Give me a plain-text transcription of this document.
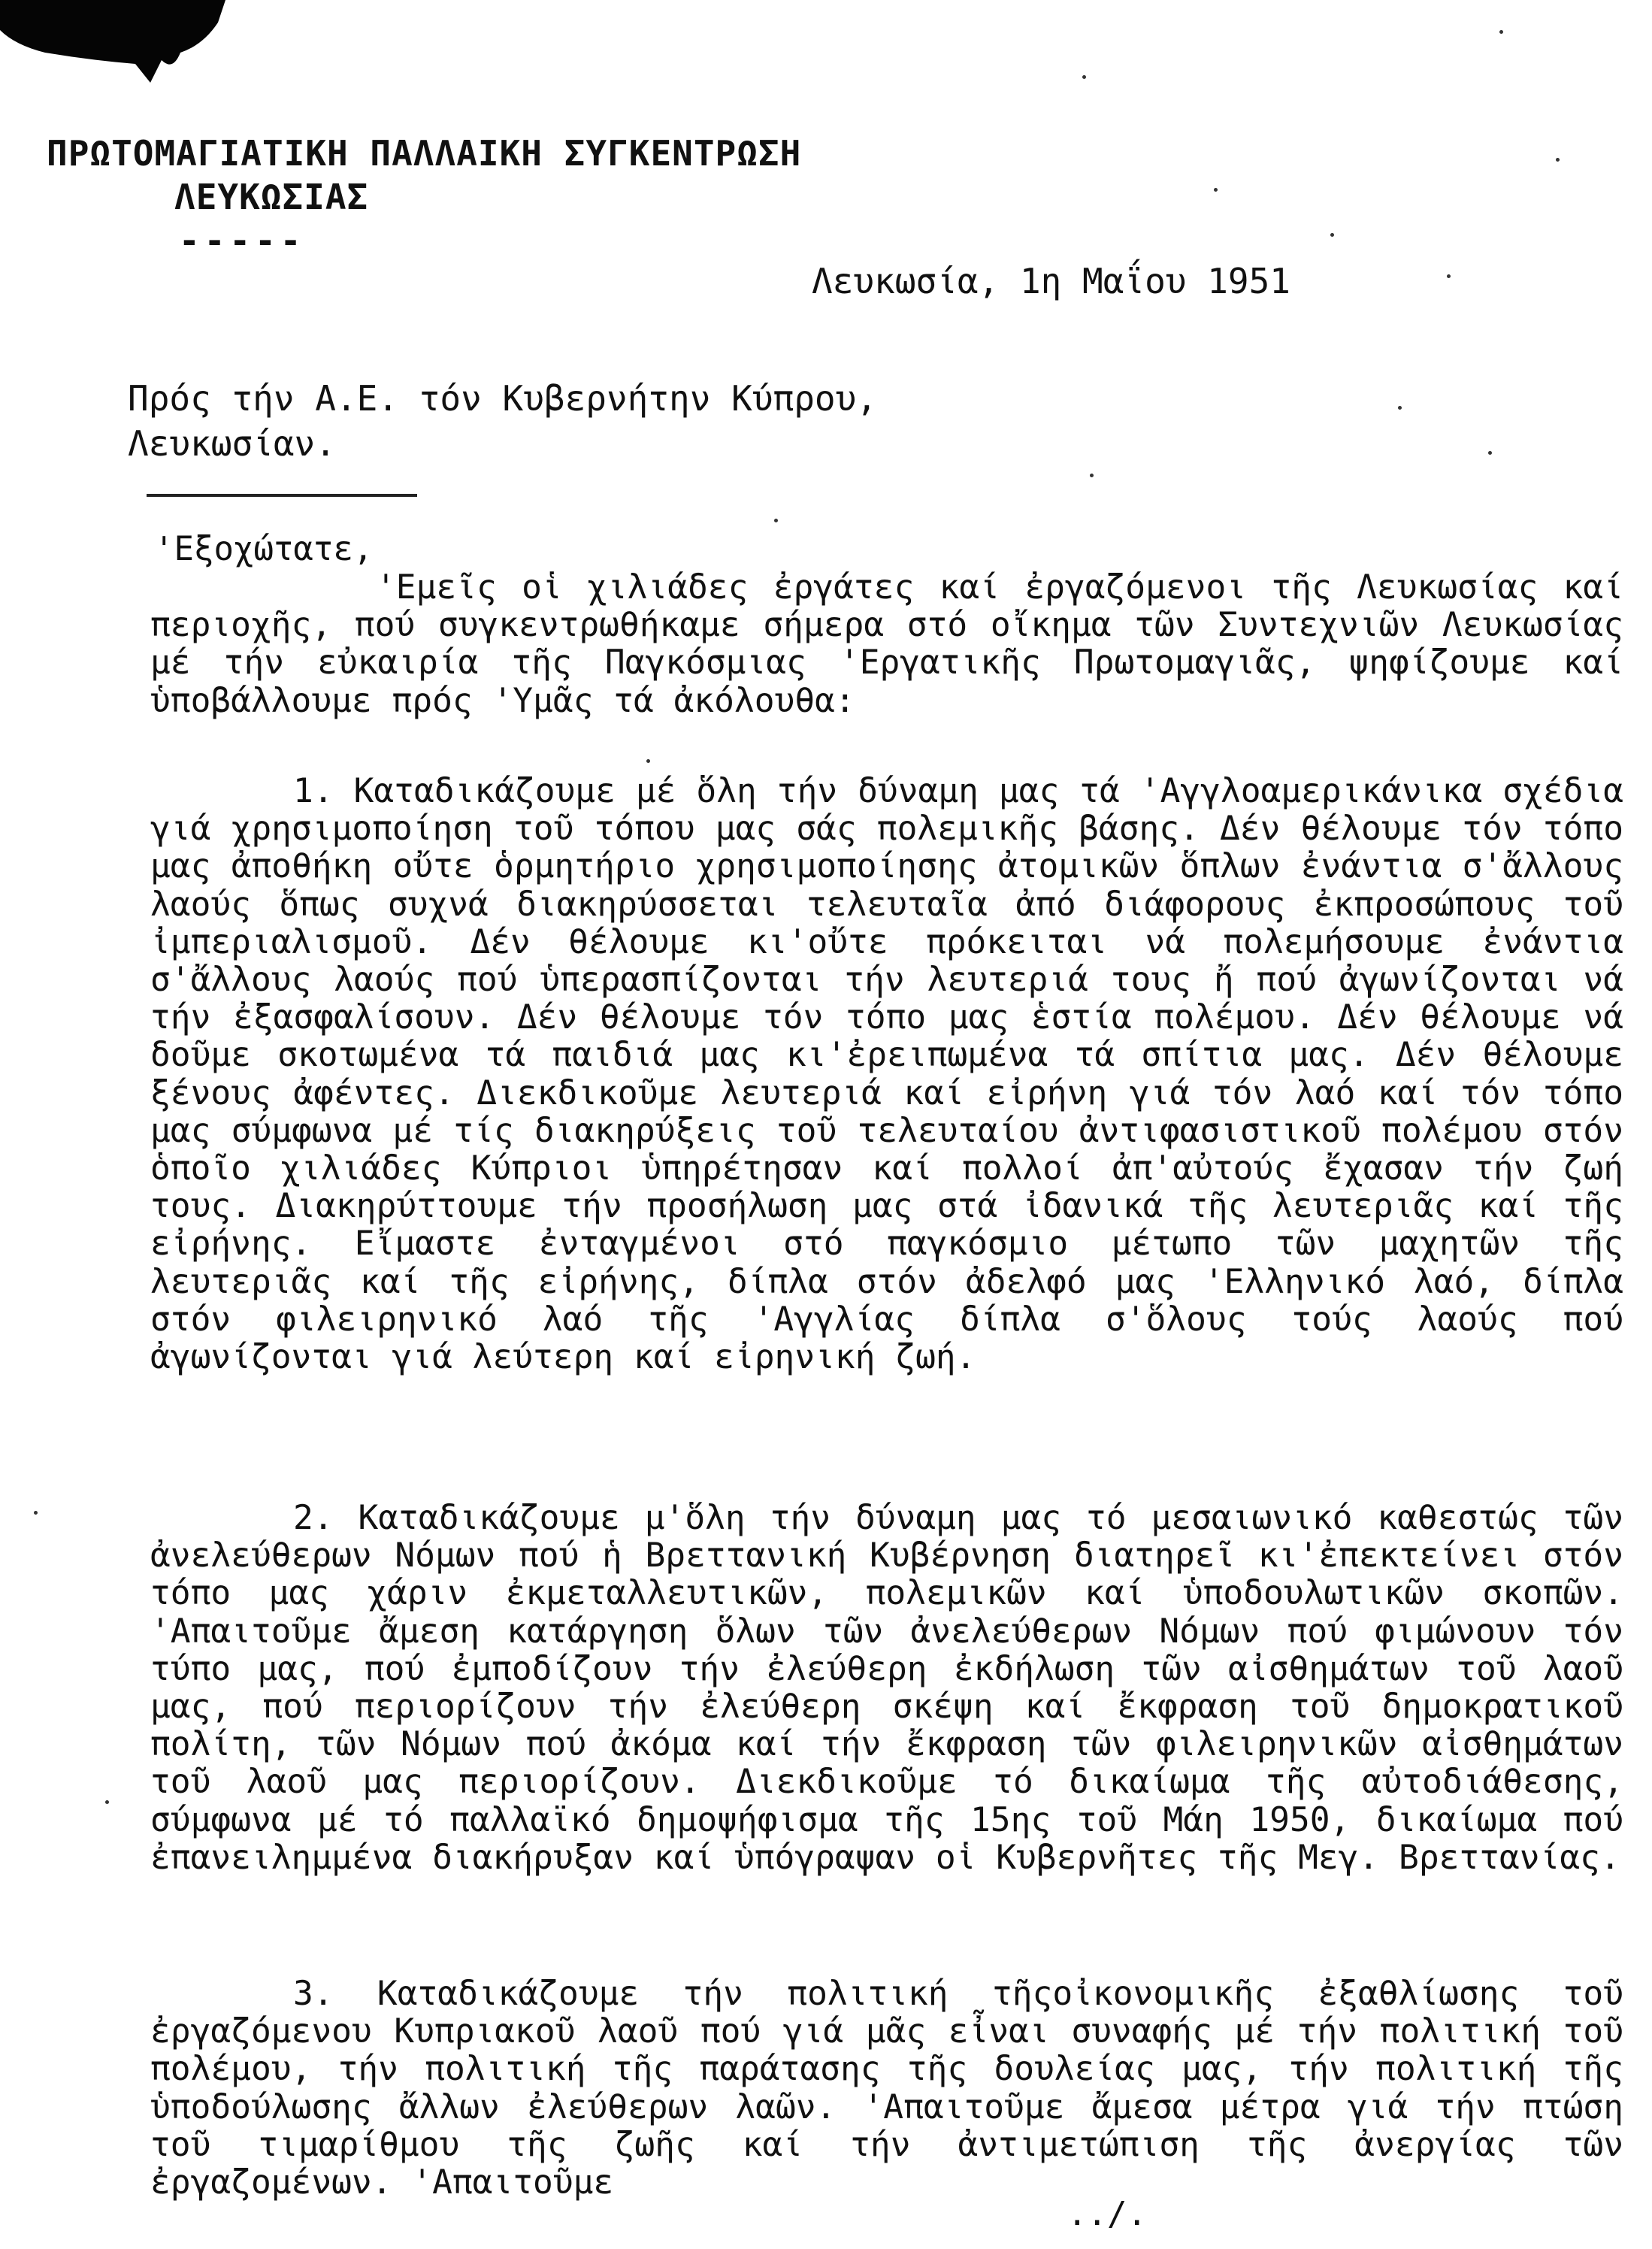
ΠΡΩΤΟΜΑΓΙΑΤΙΚΗ ΠΑΛΛΑΙΚΗ ΣΥΓΚΕΝΤΡΩΣΗ
ΛΕΥΚΩΣΙΑΣ
-----
Λευκωσία, 1η Μαΐου 1951
Πρός τήν Α.Ε. τόν Κυβερνήτην Κύπρου,
Λευκωσίαν.
'Εξοχώτατε,

'Εμεῖς οἱ χιλιάδες ἐργάτες καί ἐργαζόμενοι τῆς Λευκωσίας καί περιοχῆς, πού συγκεντρωθήκαμε σήμερα στό οἴκημα τῶν Συντεχνιῶν Λευκωσίας μέ τήν εὐκαιρία τῆς Παγκόσμιας 'Εργατικῆς Πρωτομαγιᾶς, ψηφίζουμε καί ὑποβάλλουμε πρός 'Υμᾶς τά ἀκόλουθα:

1. Καταδικάζουμε μέ ὅλη τήν δύναμη μας τά 'Αγγλοαμερικάνικα σχέδια γιά χρησιμοποίηση τοῦ τόπου μας σάς πολεμικῆς βάσης. Δέν θέλουμε τόν τόπο μας ἀποθήκη οὔτε ὁρμητήριο χρησιμοποίησης ἀτομικῶν ὅπλων ἐνάντια σ'ἄλλους λαούς ὅπως συχνά διακηρύσσεται τελευταῖα ἀπό διάφορους ἐκπροσώπους τοῦ ἰμπεριαλισμοῦ. Δέν θέλουμε κι'οὔτε πρόκειται νά πολεμήσουμε ἐνάντια σ'ἄλλους λαούς πού ὑπερασπίζονται τήν λευτεριά τους ἤ πού ἀγωνίζονται νά τήν ἐξασφαλίσουν. Δέν θέλουμε τόν τόπο μας ἑστία πολέμου. Δέν θέλουμε νά δοῦμε σκοτωμένα τά παιδιά μας κι'ἐρειπωμένα τά σπίτια μας. Δέν θέλουμε ξένους ἀφέντες. Διεκδικοῦμε λευτεριά καί εἰρήνη γιά τόν λαό καί τόν τόπο μας σύμφωνα μέ τίς διακηρύξεις τοῦ τελευταίου ἀντιφασιστικοῦ πολέμου στόν ὁποῖο χιλιάδες Κύπριοι ὑπηρέτησαν καί πολλοί ἀπ'αὐτούς ἔχασαν τήν ζωή τους. Διακηρύττουμε τήν προσήλωση μας στά ἰδανικά τῆς λευτεριᾶς καί τῆς εἰρήνης. Εἴμαστε ἐνταγμένοι στό παγκόσμιο μέτωπο τῶν μαχητῶν τῆς λευτεριᾶς καί τῆς εἰρήνης, δίπλα στόν ἀδελφό μας 'Ελληνικό λαό, δίπλα στόν φιλειρηνικό λαό τῆς 'Αγγλίας δίπλα σ'ὅλους τούς λαούς πού ἀγωνίζονται γιά λεύτερη καί εἰρηνική ζωή.

2. Καταδικάζουμε μ'ὅλη τήν δύναμη μας τό μεσαιωνικό καθεστώς τῶν ἀνελεύθερων Νόμων πού ἡ Βρεττανική Κυβέρνηση διατηρεῖ κι'ἐπεκτείνει στόν τόπο μας χάριν ἐκμεταλλευτικῶν, πολεμικῶν καί ὑποδουλωτικῶν σκοπῶν. 'Απαιτοῦμε ἄμεση κατάργηση ὅλων τῶν ἀνελεύθερων Νόμων πού φιμώνουν τόν τύπο μας, πού ἐμποδίζουν τήν ἐλεύθερη ἐκδήλωση τῶν αἰσθημάτων τοῦ λαοῦ μας, πού περιορίζουν τήν ἐλεύθερη σκέψη καί ἔκφραση τοῦ δημοκρατικοῦ πολίτη, τῶν Νόμων πού ἀκόμα καί τήν ἔκφραση τῶν φιλειρηνικῶν αἰσθημάτων τοῦ λαοῦ μας περιορίζουν. Διεκδικοῦμε τό δικαίωμα τῆς αὐτοδιάθεσης, σύμφωνα μέ τό παλλαϊκό δημοψήφισμα τῆς 15ης τοῦ Μάη 1950, δικαίωμα πού ἐπανειλημμένα διακήρυξαν καί ὑπόγραψαν οἱ Κυβερνῆτες τῆς Μεγ. Βρεττανίας.

3. Καταδικάζουμε τήν πολιτική τῆςοἰκονομικῆς ἐξαθλίωσης τοῦ ἐργαζόμενου Κυπριακοῦ λαοῦ πού γιά μᾶς εἶναι συναφής μέ τήν πολιτική τοῦ πολέμου, τήν πολιτική τῆς παράτασης τῆς δουλείας μας, τήν πολιτική τῆς ὑποδούλωσης ἄλλων ἐλεύθερων λαῶν. 'Απαιτοῦμε ἄμεσα μέτρα γιά τήν πτώση τοῦ τιμαρίθμου τῆς ζωῆς καί τήν ἀντιμετώπιση τῆς ἀνεργίας τῶν ἐργαζομένων. 'Απαιτοῦμε

../.
